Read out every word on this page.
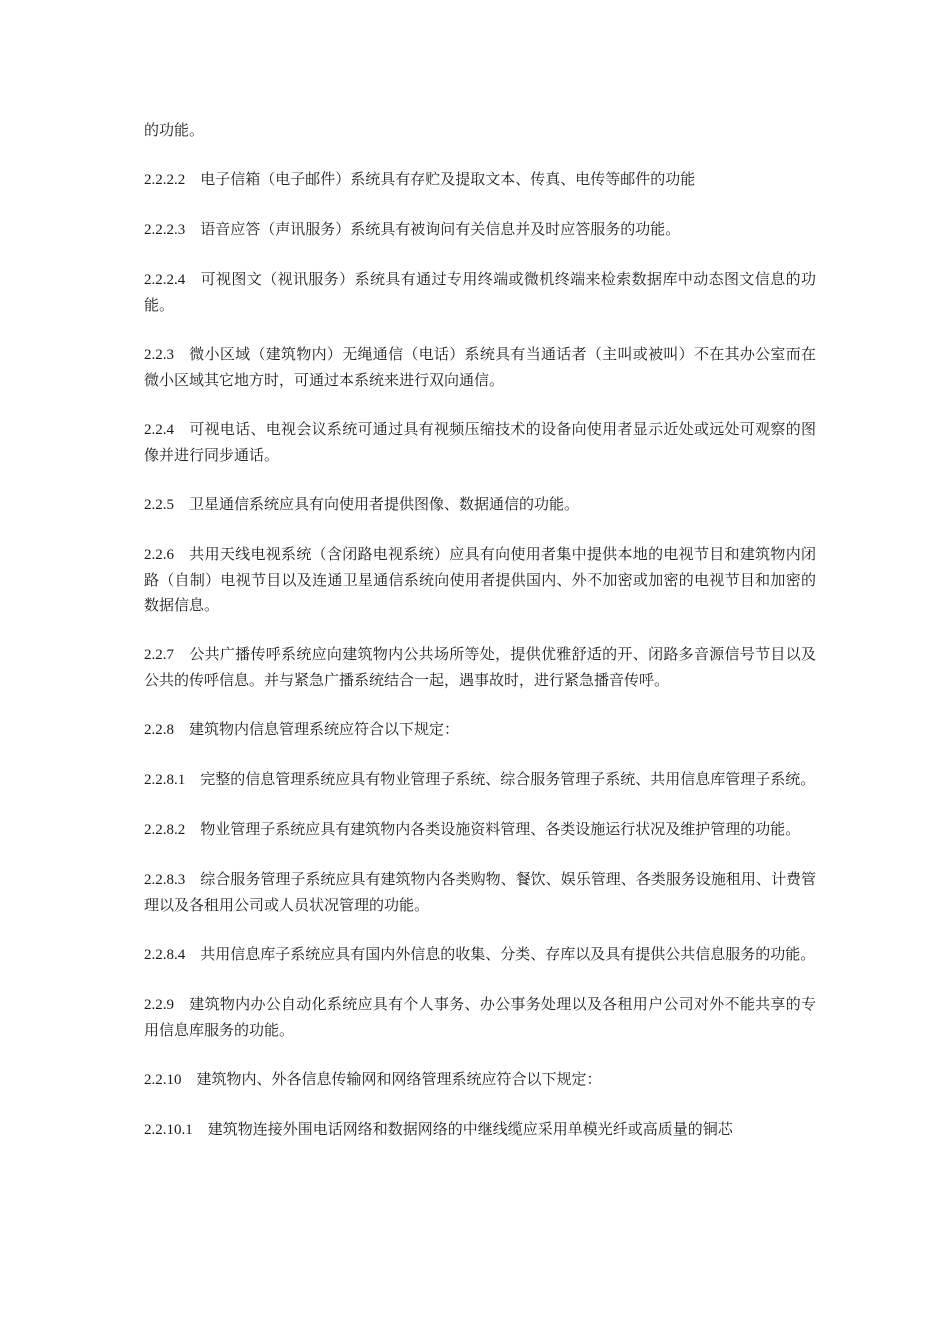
的功能。

2.2.2.2 电子信箱（电子邮件）系统具有存贮及提取文本、传真、电传等邮件的功能

2.2.2.3 语音应答（声讯服务）系统具有被询问有关信息并及时应答服务的功能。

2.2.2.4 可视图文（视讯服务）系统具有通过专用终端或微机终端来检索数据库中动态图文信息的功能。

2.2.3 微小区域（建筑物内）无绳通信（电话）系统具有当通话者（主叫或被叫）不在其办公室而在微小区域其它地方时，可通过本系统来进行双向通信。

2.2.4 可视电话、电视会议系统可通过具有视频压缩技术的设备向使用者显示近处或远处可观察的图像并进行同步通话。

2.2.5 卫星通信系统应具有向使用者提供图像、数据通信的功能。

2.2.6 共用天线电视系统（含闭路电视系统）应具有向使用者集中提供本地的电视节目和建筑物内闭路（自制）电视节目以及连通卫星通信系统向使用者提供国内、外不加密或加密的电视节目和加密的数据信息。

2.2.7 公共广播传呼系统应向建筑物内公共场所等处，提供优雅舒适的开、闭路多音源信号节目以及公共的传呼信息。并与紧急广播系统结合一起，遇事故时，进行紧急播音传呼。

2.2.8 建筑物内信息管理系统应符合以下规定：

2.2.8.1 完整的信息管理系统应具有物业管理子系统、综合服务管理子系统、共用信息库管理子系统。

2.2.8.2 物业管理子系统应具有建筑物内各类设施资料管理、各类设施运行状况及维护管理的功能。

2.2.8.3 综合服务管理子系统应具有建筑物内各类购物、餐饮、娱乐管理、各类服务设施租用、计费管理以及各租用公司或人员状况管理的功能。

2.2.8.4 共用信息库子系统应具有国内外信息的收集、分类、存库以及具有提供公共信息服务的功能。

2.2.9 建筑物内办公自动化系统应具有个人事务、办公事务处理以及各租用户公司对外不能共享的专用信息库服务的功能。

2.2.10 建筑物内、外各信息传输网和网络管理系统应符合以下规定：

2.2.10.1 建筑物连接外围电话网络和数据网络的中继线缆应采用单模光纤或高质量的铜芯
